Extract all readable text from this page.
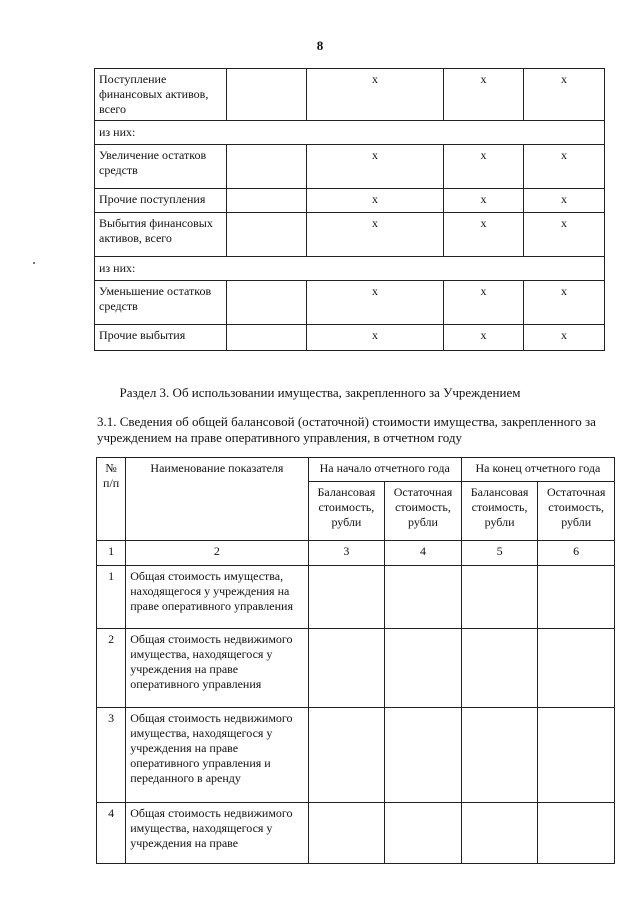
8
Поступление финансовых активов, всего		x	x	x
из них:				
Увеличение остатков средств		x	x	x
Прочие поступления		x	x	x
Выбытия финансовых активов, всего		x	x	x
из них:				
Уменьшение остатков средств		x	x	x
Прочие выбытия		x	x	x
Раздел 3. Об использовании имущества, закрепленного за Учреждением
3.1. Сведения об общей балансовой (остаточной) стоимости имущества, закрепленного за учреждением на праве оперативного управления, в отчетном году
№ п/п	Наименование показателя	На начало отчетного года		На конец отчетного года	
		Балансовая стоимость, рубли	Остаточная стоимость, рубли	Балансовая стоимость, рубли	Остаточная стоимость, рубли
1	2	3	4	5	6
1	Общая стоимость имущества, находящегося у учреждения на праве оперативного управления				
2	Общая стоимость недвижимого имущества, находящегося у учреждения на праве оперативного управления				
3	Общая стоимость недвижимого имущества, находящегося у учреждения на праве оперативного управления и переданного в аренду				
4	Общая стоимость недвижимого имущества, находящегося у учреждения на праве				
